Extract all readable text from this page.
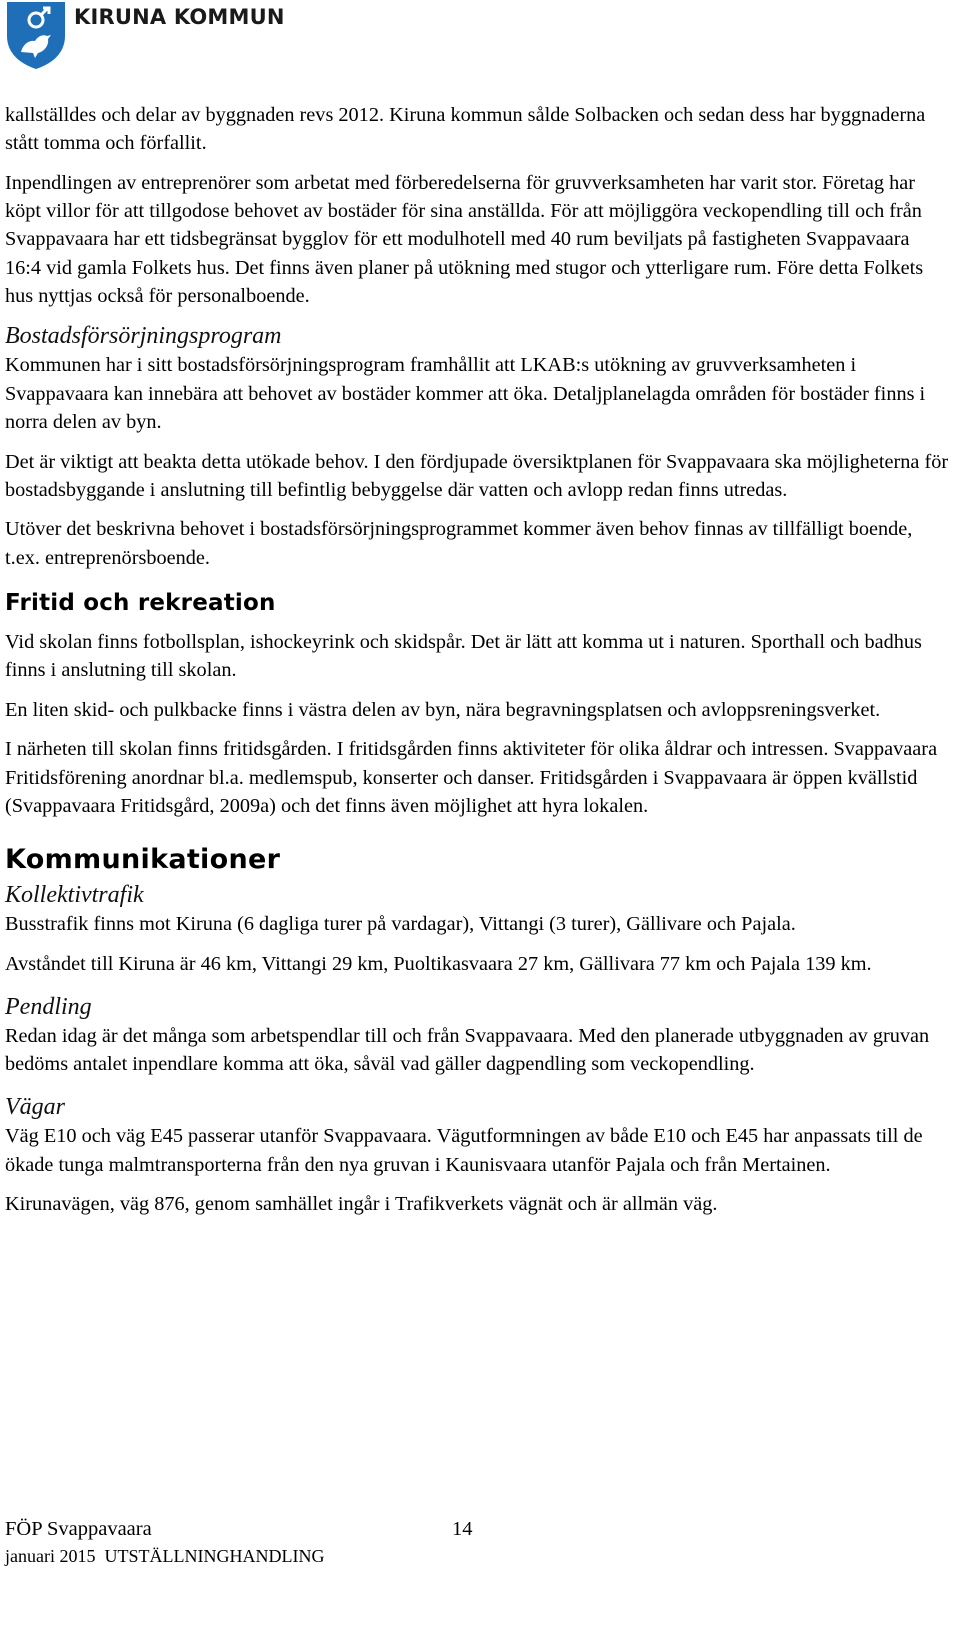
KIRUNA KOMMUN

kallställdes och delar av byggnaden revs 2012. Kiruna kommun sålde Solbacken och sedan dess har byggnaderna stått tomma och förfallit.

Inpendlingen av entreprenörer som arbetat med förberedelserna för gruvverksamheten har varit stor. Företag har köpt villor för att tillgodose behovet av bostäder för sina anställda. För att möjliggöra veckopendling till och från Svappavaara har ett tidsbegränsat bygglov för ett modulhotell med 40 rum beviljats på fastigheten Svappavaara 16:4 vid gamla Folkets hus. Det finns även planer på utökning med stugor och ytterligare rum. Före detta Folkets hus nyttjas också för personalboende.

Bostadsförsörjningsprogram

Kommunen har i sitt bostadsförsörjningsprogram framhållit att LKAB:s utökning av gruvverksamheten i Svappavaara kan innebära att behovet av bostäder kommer att öka. Detaljplanelagda områden för bostäder finns i norra delen av byn.

Det är viktigt att beakta detta utökade behov. I den fördjupade översiktplanen för Svappavaara ska möjligheterna för bostadsbyggande i anslutning till befintlig bebyggelse där vatten och avlopp redan finns utredas.

Utöver det beskrivna behovet i bostadsförsörjningsprogrammet kommer även behov finnas av tillfälligt boende, t.ex. entreprenörsboende.

Fritid och rekreation

Vid skolan finns fotbollsplan, ishockeyrink och skidspår. Det är lätt att komma ut i naturen. Sporthall och badhus finns i anslutning till skolan.

En liten skid- och pulkbacke finns i västra delen av byn, nära begravningsplatsen och avloppsreningsverket.

I närheten till skolan finns fritidsgården. I fritidsgården finns aktiviteter för olika åldrar och intressen. Svappavaara Fritidsförening anordnar bl.a. medlemspub, konserter och danser. Fritidsgården i Svappavaara är öppen kvällstid (Svappavaara Fritidsgård, 2009a) och det finns även möjlighet att hyra lokalen.

Kommunikationer
Kollektivtrafik

Busstrafik finns mot Kiruna (6 dagliga turer på vardagar), Vittangi (3 turer), Gällivare och Pajala.

Avståndet till Kiruna är 46 km, Vittangi 29 km, Puoltikasvaara 27 km, Gällivara 77 km och Pajala 139 km.

Pendling

Redan idag är det många som arbetspendlar till och från Svappavaara. Med den planerade utbyggnaden av gruvan bedöms antalet inpendlare komma att öka, såväl vad gäller dagpendling som veckopendling.

Vägar

Väg E10 och väg E45 passerar utanför Svappavaara. Vägutformningen av både E10 och E45 har anpassats till de ökade tunga malmtransporterna från den nya gruvan i Kaunisvaara utanför Pajala och från Mertainen.

Kirunavägen, väg 876, genom samhället ingår i Trafikverkets vägnät och är allmän väg.

FÖP Svappavaara	14
januari 2015 UTSTÄLLNINGHANDLING
